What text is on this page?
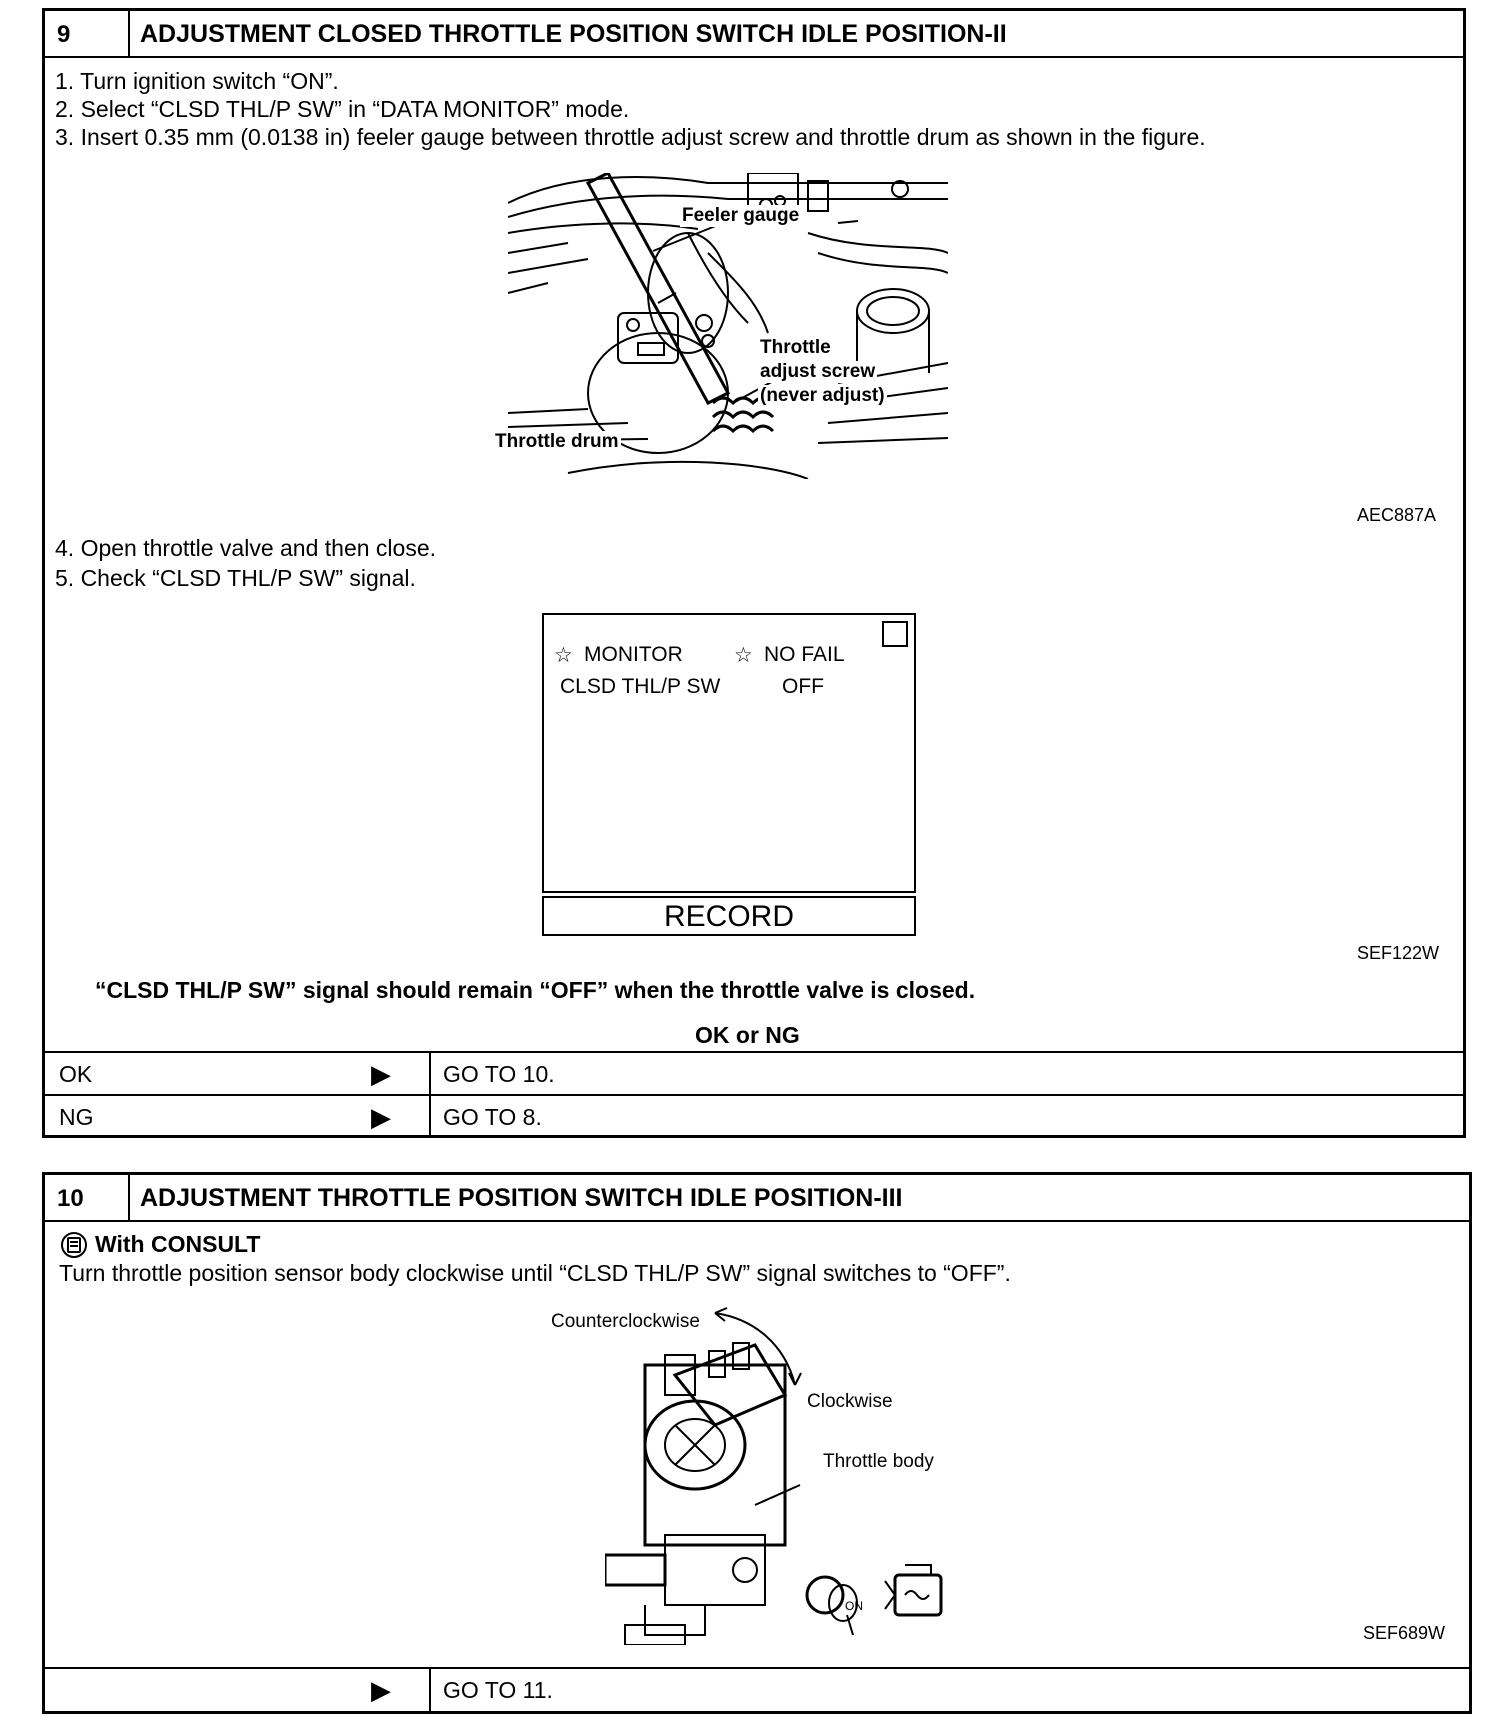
9	ADJUSTMENT CLOSED THROTTLE POSITION SWITCH IDLE POSITION-II
1. Turn ignition switch “ON”.
2. Select “CLSD THL/P SW” in “DATA MONITOR” mode.
3. Insert 0.35 mm (0.0138 in) feeler gauge between throttle adjust screw and throttle drum as shown in the figure.
Feeler gauge
Throttle
adjust screw
(never adjust)
Throttle drum
AEC887A
4. Open throttle valve and then close.
5. Check “CLSD THL/P SW” signal.
☆ MONITOR ☆ NO FAIL
CLSD THL/P SW	OFF
RECORD
SEF122W
“CLSD THL/P SW” signal should remain “OFF” when the throttle valve is closed.
OK or NG
OK	▶ GO TO 10.
NG	▶ GO TO 8.
10	ADJUSTMENT THROTTLE POSITION SWITCH IDLE POSITION-III
With CONSULT
Turn throttle position sensor body clockwise until “CLSD THL/P SW” signal switches to “OFF”.
Counterclockwise
Clockwise
Throttle body
ON
SEF689W
▶ GO TO 11.
